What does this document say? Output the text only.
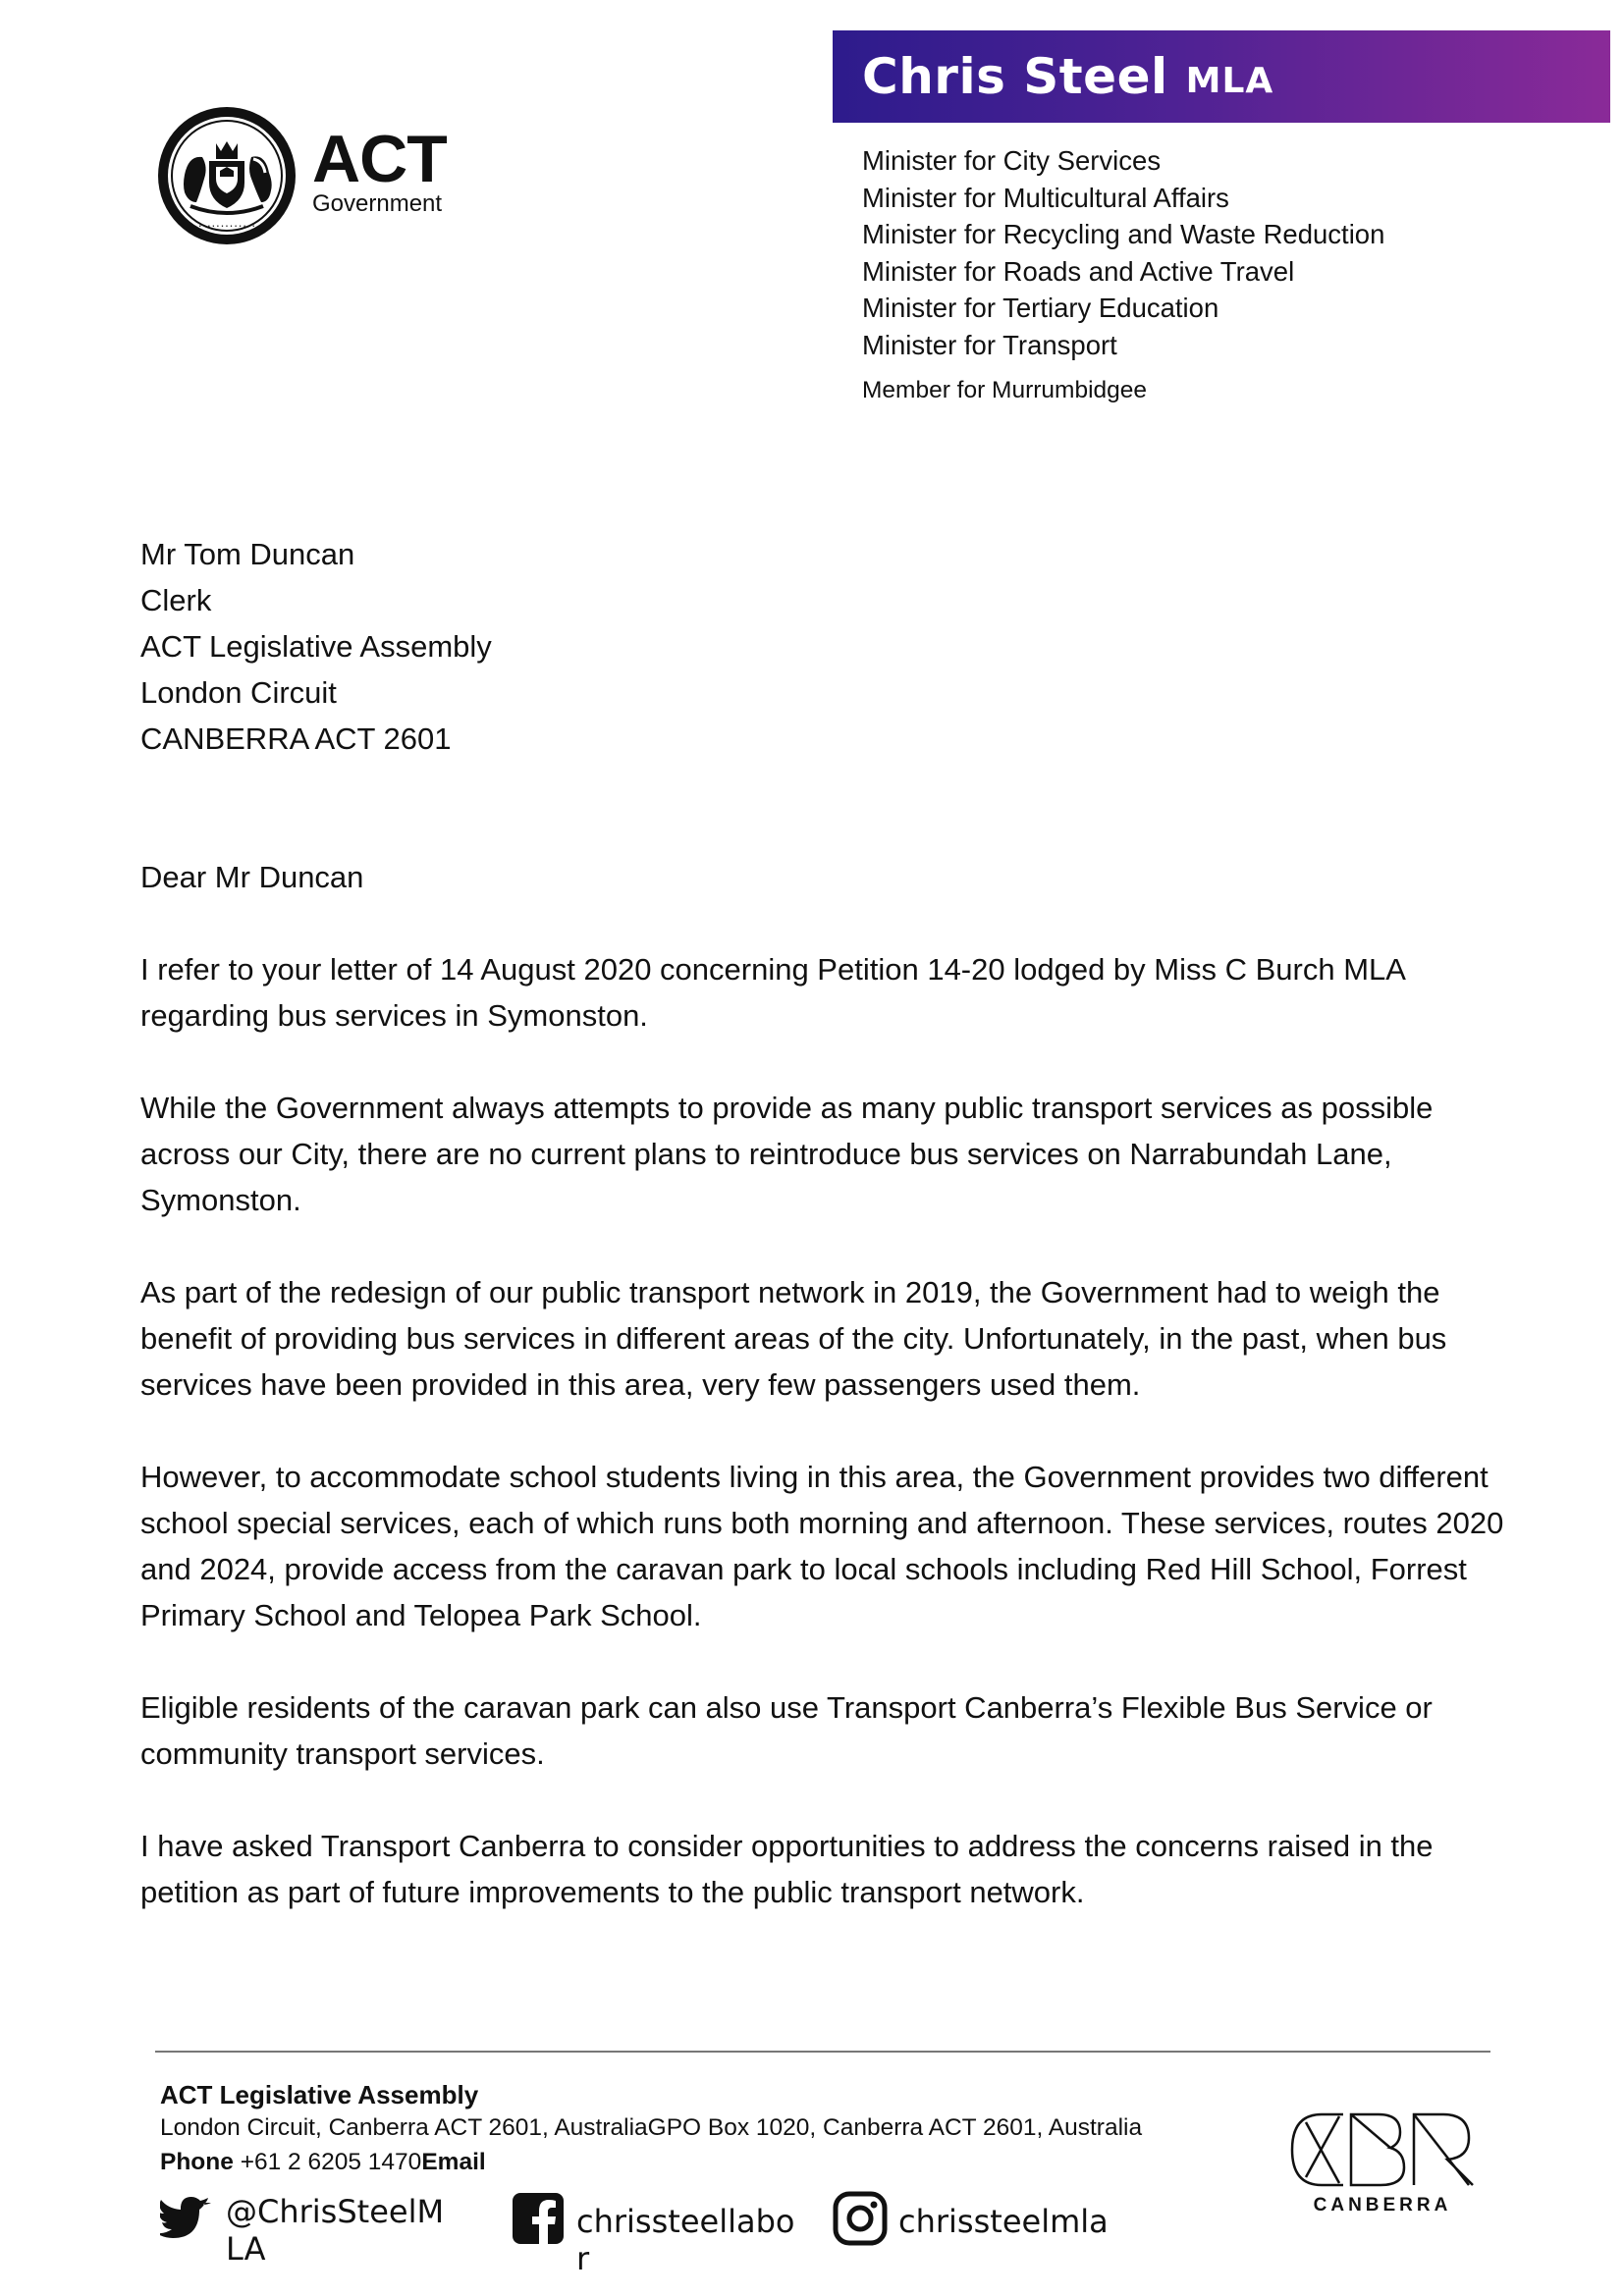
Chris Steel MLA
• • • • • • • • • • • • •
ACT
Government
Minister for City Services
Minister for Multicultural Affairs
Minister for Recycling and Waste Reduction
Minister for Roads and Active Travel
Minister for Tertiary Education
Minister for Transport
Member for Murrumbidgee
Mr Tom Duncan
Clerk
ACT Legislative Assembly
London Circuit
CANBERRA ACT 2601
Dear Mr Duncan

I refer to your letter of 14 August 2020 concerning Petition 14-20 lodged by Miss C Burch MLA regarding bus services in Symonston.

While the Government always attempts to provide as many public transport services as possible across our City, there are no current plans to reintroduce bus services on Narrabundah Lane, Symonston.

As part of the redesign of our public transport network in 2019, the Government had to weigh the benefit of providing bus services in different areas of the city. Unfortunately, in the past, when bus services have been provided in this area, very few passengers used them.

However, to accommodate school students living in this area, the Government provides two different school special services, each of which runs both morning and afternoon. These services, routes 2020 and 2024, provide access from the caravan park to local schools including Red Hill School, Forrest Primary School and Telopea Park School.

Eligible residents of the caravan park can also use Transport Canberra’s Flexible Bus Service or community transport services.

I have asked Transport Canberra to consider opportunities to address the concerns raised in the petition as part of future improvements to the public transport network.

ACT Legislative Assembly
London Circuit, Canberra ACT 2601, AustraliaGPO Box 1020, Canberra ACT 2601, Australia
Phone +61 2 6205 1470Email
@ChrisSteelMLA
chrissteellabor
chrissteelmla	CANBERRA
